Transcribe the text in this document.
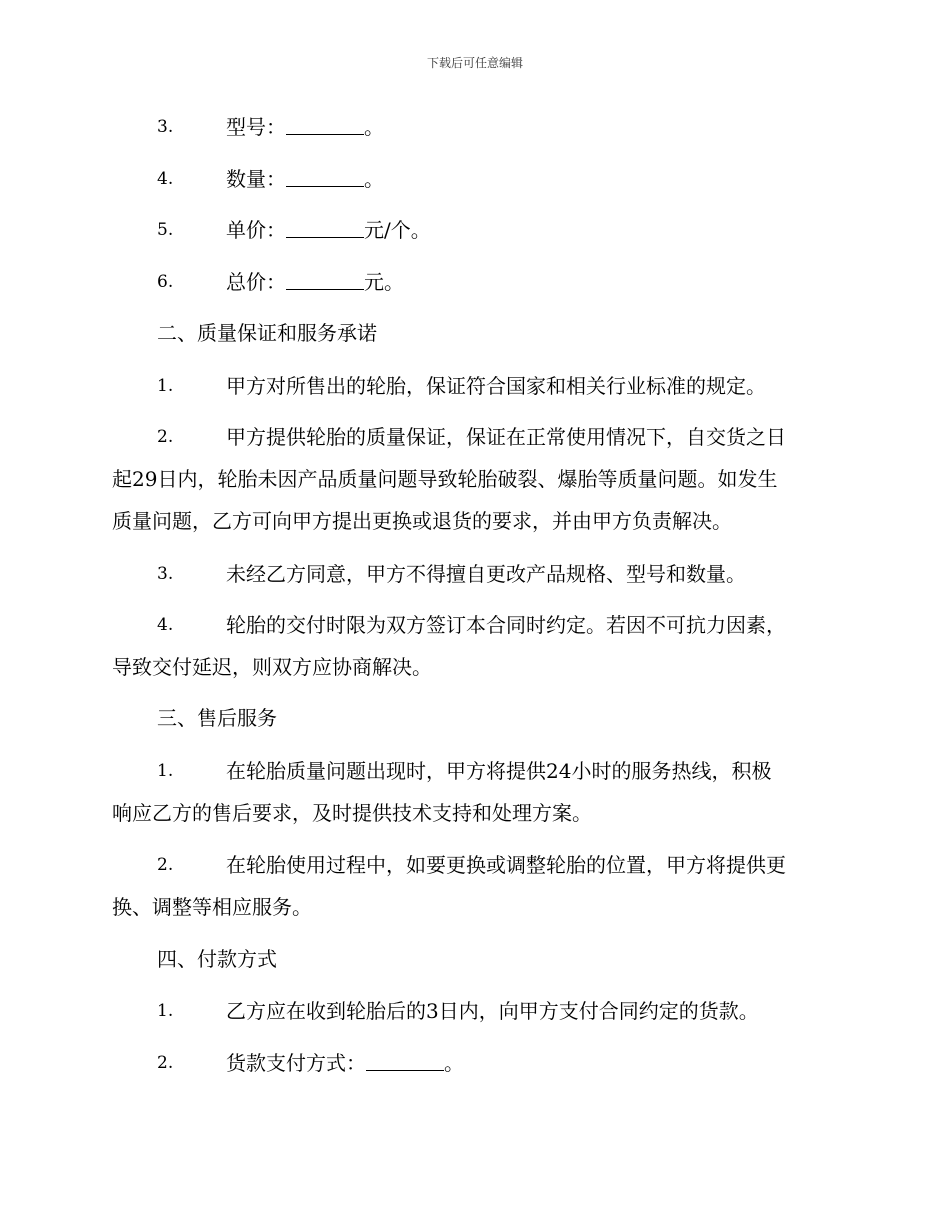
下载后可任意编辑
3.	型号：	。
4.	数量：	。
5.	单价：	元/个。
6.	总价：	元。
二、质量保证和服务承诺
1.	甲方对所售出的轮胎，保证符合国家和相关行业标准的规定。
2.	甲方提供轮胎的质量保证，保证在正常使用情况下，自交货之日
起29日内，轮胎未因产品质量问题导致轮胎破裂、爆胎等质量问题。如发生
质量问题，乙方可向甲方提出更换或退货的要求，并由甲方负责解决。
3.	未经乙方同意，甲方不得擅自更改产品规格、型号和数量。
4.	轮胎的交付时限为双方签订本合同时约定。若因不可抗力因素，
导致交付延迟，则双方应协商解决。
三、售后服务
1.	在轮胎质量问题出现时，甲方将提供24小时的服务热线，积极
响应乙方的售后要求，及时提供技术支持和处理方案。
2.	在轮胎使用过程中，如要更换或调整轮胎的位置，甲方将提供更
换、调整等相应服务。
四、付款方式
1.	乙方应在收到轮胎后的3日内，向甲方支付合同约定的货款。
2.	货款支付方式：	。
